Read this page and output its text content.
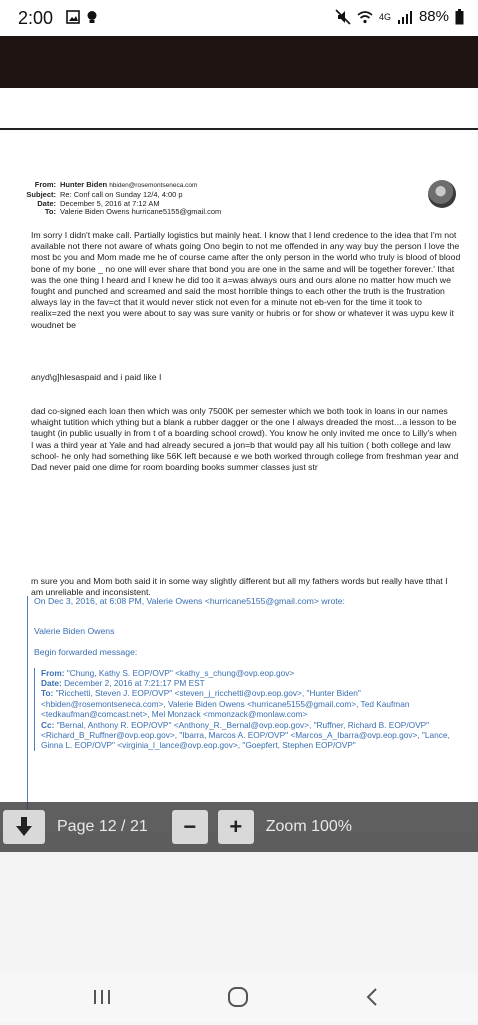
2:00	4G 88%
From: Hunter Biden hbiden@rosemontseneca.com
Subject: Re: Conf call on Sunday 12/4, 4:00 p
Date: December 5, 2016 at 7:12 AM
To: Valerie Biden Owens hurricane5155@gmail.com
Im sorry I didn't make call. Partially logistics but mainly heat. I know that I lend credence to the idea that I'm not available not there not aware of whats going Ono begin to not me offended in any way buy the person I love the most bc you and Mom made me he of course came after the only person in the world who truly is blood of blood bone of my bone _ no one will ever share that bond you are one in the same and will be together forever.' Ithat was the one thing I heard and I knew he did too it a=was always ours and ours alone no matter how much we fought and punched and screamed and said the most horrible things to each other the truth is the frustration always lay in the fav=ct that it would never stick not even for a minute not eb-ven for the time it took to realix=zed the next you were about to say was sure vanity or hubris or for show or whatever it was uypu kew it woudnet be
anyd\g]hlesaspaid and i paid like I
dad co-signed each loan then which was only 7500K per semester which we both took in loans in our names whaight tutition which ything but a blank a rubber dagger or the one I always dreaded the most…a lesson to be taught (in public usually in from t of a boarding school crowd). You know he only invited me once to Lilly's when I was a third year at Yale and had already secured a jon=b that would pay all his tuition ( both college and law school- he only had something like 56K left because e we both worked through college from freshman year and Dad never paid one dime for room boarding books summer classes just str
m sure you and Mom both said it in some way slightly different but all my fathers words but really have tthat I am unreliable and inconsistent.

On Dec 3, 2016, at 6:08 PM, Valerie Owens <hurricane5155@gmail.com> wrote:

Valerie Biden Owens

Begin forwarded message:

From: "Chung, Kathy S. EOP/OVP" <kathy_s_chung@ovp.eop.gov>
Date: December 2, 2016 at 7:21:17 PM EST
To: "Ricchetti, Steven J. EOP/OVP" <steven_j_ricchetti@ovp.eop.gov>, "Hunter Biden" <hbiden@rosemontseneca.com>, Valerie Biden Owens <hurricane5155@gmail.com>, Ted Kaufman <tedkaufman@comcast.net>, Mel Monzack <mmonzack@monlaw.com>
Cc: "Bernal, Anthony R. EOP/OVP" <Anthony_R._Bernal@ovp.eop.gov>, "Ruffner, Richard B. EOP/OVP" <Richard_B_Ruffner@ovp.eop.gov>, "Ibarra, Marcos A. EOP/OVP" <Marcos_A_Ibarra@ovp.eop.gov>, "Lance, Ginna L. EOP/OVP" <virginia_l_lance@ovp.eop.gov>, "Goepfert, Stephen EOP/OVP"
Page 12 / 21	−	+	Zoom 100%
